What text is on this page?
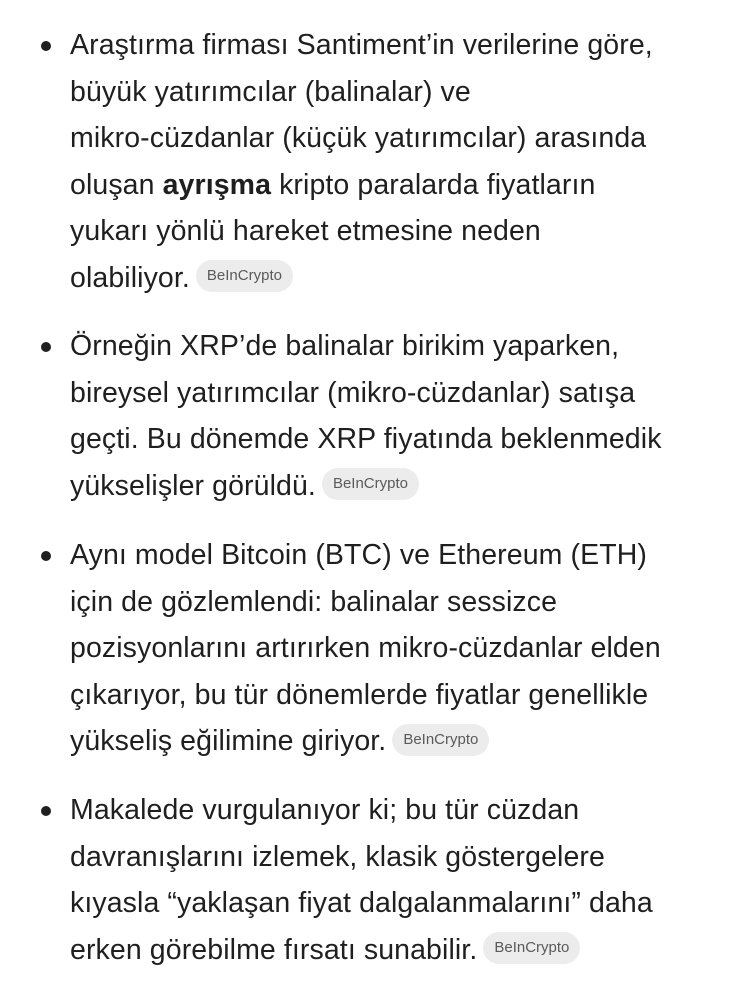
Araştırma firması Santiment’in verilerine göre,
büyük yatırımcılar (balinalar) ve
mikro-cüzdanlar (küçük yatırımcılar) arasında
oluşan ayrışma kripto paralarda fiyatların
yukarı yönlü hareket etmesine neden
olabiliyor. BeInCrypto
Örneğin XRP’de balinalar birikim yaparken,
bireysel yatırımcılar (mikro-cüzdanlar) satışa
geçti. Bu dönemde XRP fiyatında beklenmedik
yükselişler görüldü. BeInCrypto
Aynı model Bitcoin (BTC) ve Ethereum (ETH)
için de gözlemlendi: balinalar sessizce
pozisyonlarını artırırken mikro-cüzdanlar elden
çıkarıyor, bu tür dönemlerde fiyatlar genellikle
yükseliş eğilimine giriyor. BeInCrypto
Makalede vurgulanıyor ki; bu tür cüzdan
davranışlarını izlemek, klasik göstergelere
kıyasla “yaklaşan fiyat dalgalanmalarını” daha
erken görebilme fırsatı sunabilir. BeInCrypto
